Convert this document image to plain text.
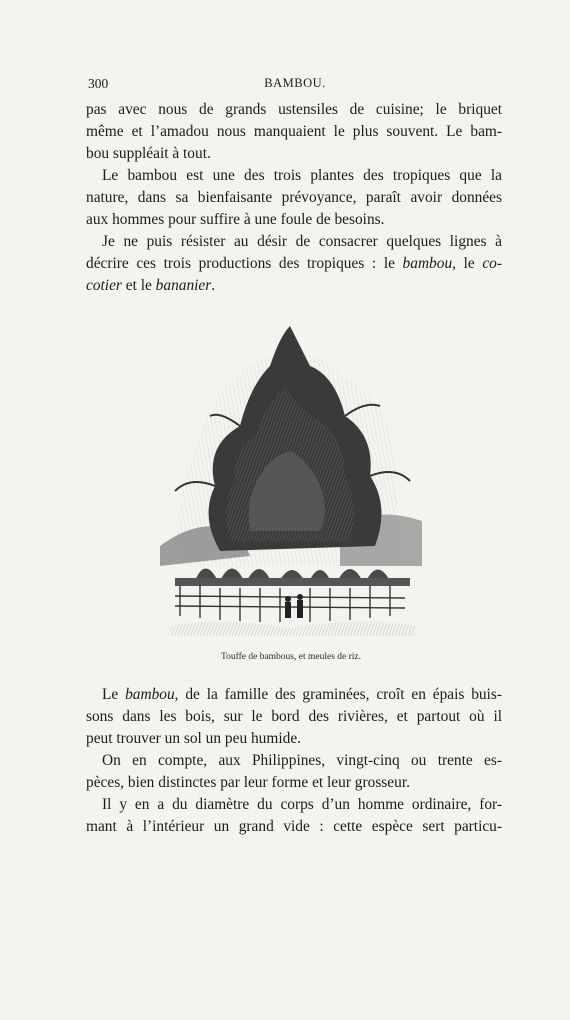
300	BAMBOU.

pas avec nous de grands ustensiles de cuisine; le briquet
même et l’amadou nous manquaient le plus souvent. Le bam-
bou suppléait à tout.

Le bambou est une des trois plantes des tropiques que la
nature, dans sa bienfaisante prévoyance, paraît avoir données
aux hommes pour suffire à une foule de besoins.

Je ne puis résister au désir de consacrer quelques lignes à
décrire ces trois productions des tropiques : le bambou, le co-
cotier et le bananier.

Touffe de bambous, et meules de riz.

Le bambou, de la famille des graminées, croît en épais buis-
sons dans les bois, sur le bord des rivières, et partout où il
peut trouver un sol un peu humide.

On en compte, aux Philippines, vingt-cinq ou trente es-
pèces, bien distinctes par leur forme et leur grosseur.

Il y en a du diamètre du corps d’un homme ordinaire, for-
mant à l’intérieur un grand vide : cette espèce sert particu-
